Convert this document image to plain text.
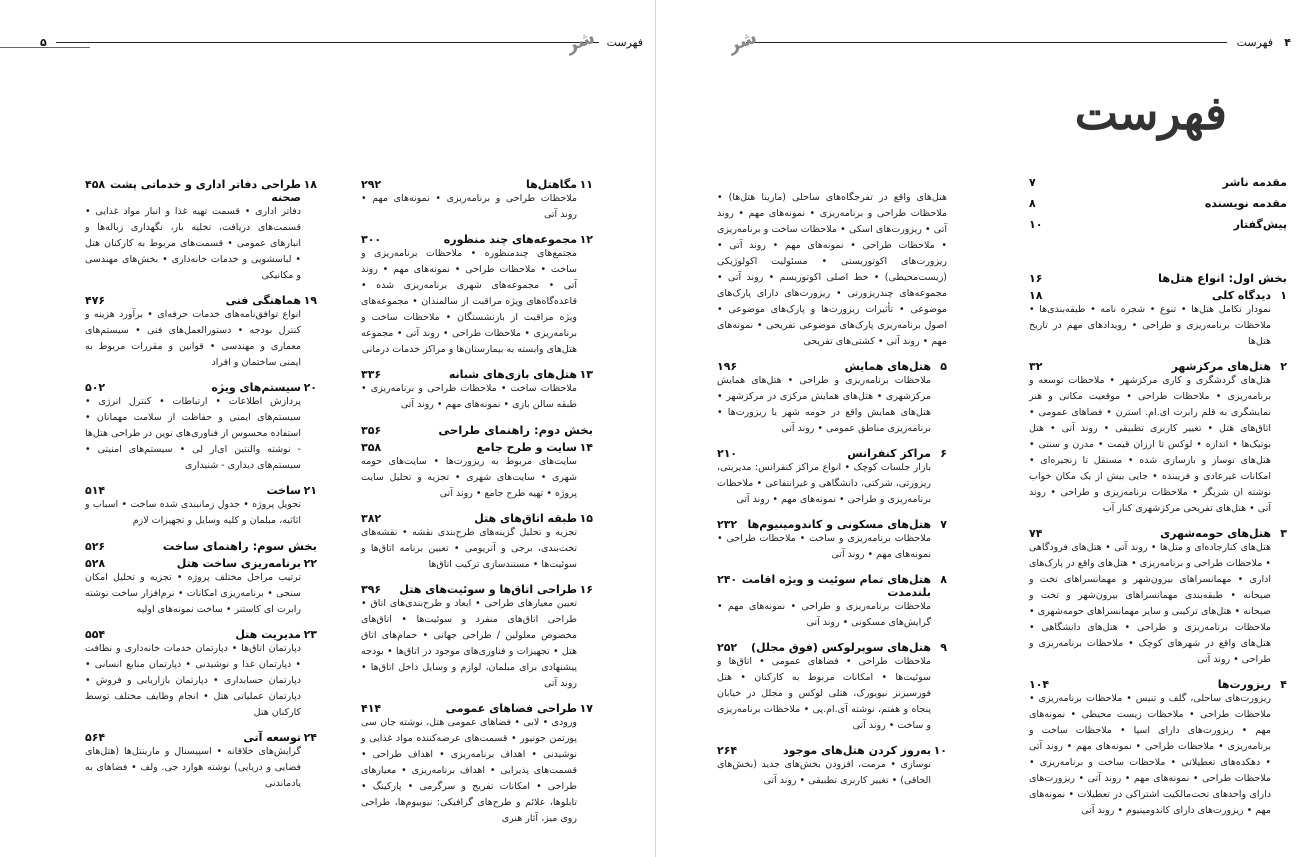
فهرست
۵	شر
۱۱
مگاهتل‌ها
۲۹۲
ملاحظات طراحی و برنامه‌ریزی • نمونه‌های مهم • روند آتی
۱۲
مجموعه‌های چند منظوره
۳۰۰
مجتمع‌های چندمنظوره • ملاحظات برنامه‌ریزی و ساخت • ملاحظات طراحی • نمونه‌های مهم • روند آتی • مجموعه‌های شهری برنامه‌ریزی شده • قاعده‌گاه‌های ویژه مراقبت از سالمندان • مجموعه‌های ویژه مراقبت از بازنشستگان • ملاحظات ساخت و برنامه‌ریزی • ملاحظات طراحی • روند آتی • مجموعه هتل‌های وابسته به بیمارستان‌ها و مراکز خدمات درمانی
۱۳
هتل‌های بازی‌های شبانه
۳۳۶
ملاحظات ساخت • ملاحظات طراحی و برنامه‌ریزی • طبقه سالن بازی • نمونه‌های مهم • روند آتی
بخش دوم: راهنمای طراحی
۳۵۶
۱۴
سایت و طرح جامع
۳۵۸
سایت‌های مربوط به ریزورت‌ها • سایت‌های حومه شهری • سایت‌های شهری • تجزیه و تحلیل سایت پروژه • تهیه طرح جامع • روند آتی
۱۵
طبقه اتاق‌های هتل
۳۸۲
تجزیه و تحلیل گزینه‌های طرح‌بندی نقشه • نقشه‌های تخت‌بندی، برجی و آتریومی • تعیین برنامه اتاق‌ها و سوئیت‌ها • مستندسازی ترکیب اتاق‌ها
۱۶
طراحی اتاق‌ها و سوئیت‌های هتل
۳۹۶
تعیین معیارهای طراحی • ابعاد و طرح‌بندی‌های اتاق • طراحی اتاق‌های منفرد و سوئیت‌ها • اتاق‌های مخصوص معلولین / طراحی جهانی • حمام‌های اتاق هتل • تجهیزات و فناوری‌های موجود در اتاق‌ها • بودجه پیشنهادی برای مبلمان، لوازم و وسایل داخل اتاق‌ها • روند آتی
۱۷
طراحی فضاهای عمومی
۴۱۴
ورودی • لابی • فضاهای عمومی هتل، نوشته جان سی پورتمن جونیور • قسمت‌های عرضه‌کننده مواد غذایی و نوشیدنی • اهداف برنامه‌ریزی • اهداف طراحی • قسمت‌های پذیرایی • اهداف برنامه‌ریزی • معیارهای طراحی • امکانات تفریح و سرگرمی • پارکینگ • تابلوها، علائم و طرح‌های گرافیکی: نیوبیوم‌ها، طراحی روی میز، آثار هنری
۱۸
طراحی دفاتر اداری و خدماتی پشت صحنه
۴۵۸
دفاتر اداری • قسمت تهیه غذا و انبار مواد غذایی • قسمت‌های دریافت، تخلیه بار، نگهداری زباله‌ها و انبارهای عمومی • قسمت‌های مربوط به کارکنان هتل • لباسشویی و خدمات خانه‌داری • بخش‌های مهندسی و مکانیکی
۱۹
هماهنگی فنی
۴۷۶
انواع توافق‌نامه‌های خدمات حرفه‌ای • برآورد هزینه و کنترل بودجه • دستورالعمل‌های فنی • سیستم‌های معماری و مهندسی • قوانین و مقررات مربوط به ایمنی ساختمان و افراد
۲۰
سیستم‌های ویژه
۵۰۲
پردازش اطلاعات • ارتباطات • کنترل انرژی • سیستم‌های ایمنی و حفاظت از سلامت مهمانان • استفاده محسوس از فناوری‌های نوین در طراحی هتل‌ها - نوشته والنتین ای‌ار لی • سیستم‌های امنیتی • سیستم‌های دیداری - شنیداری
۲۱
ساخت
۵۱۴
تحویل پروژه • جدول زمانبندی شده ساخت • اسباب و اثاثیه، مبلمان و کلیه وسایل و تجهیزات لازم
بخش سوم: راهنمای ساخت
۵۲۶
۲۲
برنامه‌ریزی ساخت هتل
۵۲۸
ترتیب مراحل مختلف پروژه • تجزیه و تحلیل امکان سنجی • برنامه‌ریزی امکانات • نرم‌افزار ساخت نوشته رابرت ای کاستنر • ساخت نمونه‌های اولیه
۲۳
مدیریت هتل
۵۵۴
دپارتمان اتاق‌ها • دپارتمان خدمات خانه‌داری و نظافت • دپارتمان غذا و نوشیدنی • دپارتمان منابع انسانی • دپارتمان حسابداری • دپارتمان بازاریابی و فروش • دپارتمان عملیاتی هتل • انجام وظایف مختلف توسط کارکنان هتل
۲۴
توسعه آتی
۵۶۴
گرایش‌های خلاقانه • اسپیسنال و مارینتل‌ها (هتل‌های فضایی و دریایی) نوشته هوارد جی. ولف • فضاهای به یادماندنی
فهرست ۴
شر
فهرست
مقدمه ناشر
۷
مقدمه نویسنده
۸
پیش‌گفتار
۱۰
بخش اول: انواع هتل‌ها
۱۶
۱
دیدگاه کلی
۱۸
نمودار تکامل هتل‌ها • تنوع • شجره نامه • طبقه‌بندی‌ها • ملاحظات برنامه‌ریزی و طراحی • رویدادهای مهم در تاریخ هتل‌ها
۲
هتل‌های مرکزشهر
۳۲
هتل‌های گردشگری و کاری مرکزشهر • ملاحظات توسعه و برنامه‌ریزی • ملاحظات طراحی • موقعیت مکانی و هنر نمایشگری به قلم رابرت ای.ام. استرن • فضاهای عمومی • اتاق‌های هتل • تغییر کاربری تطبیقی • روند آتی • هتل بوتیک‌ها • اندازه • لوکس تا ارزان قیمت • مدرن و سنتی • هتل‌های نوساز و بازسازی شده • مستقل تا زنجیره‌ای • امکانات غیرعادی و فریبنده • جایی بیش از یک مکان خواب نوشته ان شریگر • ملاحظات برنامه‌ریزی و طراحی • روند آتی • هتل‌های تفریحی مرکزشهری کنار آب
۳
هتل‌های حومه‌شهری
۷۴
هتل‌های کنارجاده‌ای و متل‌ها • روند آتی • هتل‌های فرودگاهی • ملاحظات طراحی و برنامه‌ریزی • هتل‌های واقع در پارک‌های اداری • مهمانسراهای بیرون‌شهر و مهمانسراهای تخت و صبحانه • طبقه‌بندی مهمانسراهای بیرون‌شهر و تخت و صبحانه • هتل‌های ترکیبی و سایر مهمانسراهای حومه‌شهری • ملاحظات برنامه‌ریزی و طراحی • هتل‌های دانشگاهی • هتل‌های واقع در شهرهای کوچک • ملاحظات برنامه‌ریزی و طراحی • روند آتی
۴
ریزورت‌ها
۱۰۴
ریزورت‌های ساحلی، گلف و تنیس • ملاحظات برنامه‌ریزی • ملاحظات طراحی • ملاحظات زیست محیطی • نمونه‌های مهم • ریزورت‌های دارای اسپا • ملاحظات ساخت و برنامه‌ریزی • ملاحظات طراحی • نمونه‌های مهم • روند آتی • دهکده‌های تعطیلاتی • ملاحظات ساخت و برنامه‌ریزی • ملاحظات طراحی • نمونه‌های مهم • روند آتی • ریزورت‌های دارای واحدهای تحت‌مالکیت اشتراکی در تعطیلات • نمونه‌های مهم • ریزورت‌های دارای کاندومینیوم • روند آتی
هتل‌های واقع در تفرجگاه‌های ساحلی (مارینا هتل‌ها) • ملاحظات طراحی و برنامه‌ریزی • نمونه‌های مهم • روند آتی • ریزورت‌های اسکی • ملاحظات ساخت و برنامه‌ریزی • ملاحظات طراحی • نمونه‌های مهم • روند آتی • ریزورت‌های اکوتوریستی • مسئولیت اکولوژیکی (زیست‌محیطی) • خط اصلی اکوتوریسم • روند آتی • مجموعه‌های چندریزورتی • ریزورت‌های دارای پارک‌های موضوعی • تأثیرات ریزورت‌ها و پارک‌های موضوعی • اصول برنامه‌ریزی پارک‌های موضوعی تفریحی • نمونه‌های مهم • روند آتی • کشتی‌های تفریحی
۵
هتل‌های همایش
۱۹۶
ملاحظات برنامه‌ریزی و طراحی • هتل‌های همایش مرکزشهری • هتل‌های همایش مرکزی در مرکزشهر • هتل‌های همایش واقع در حومه شهر یا ریزورت‌ها • برنامه‌ریزی مناطق عمومی • روند آتی
۶
مراکز کنفرانس
۲۱۰
بازار جلسات کوچک • انواع مراکز کنفرانس: مدیریتی، ریزورتی، شرکتی، دانشگاهی و غیرانتفاعی • ملاحظات برنامه‌ریزی و طراحی • نمونه‌های مهم • روند آتی
۷
هتل‌های مسکونی و کاندومینیوم‌ها
۲۳۲
ملاحظات برنامه‌ریزی و ساخت • ملاحظات طراحی • نمونه‌های مهم • روند آتی
۸
هتل‌های تمام سوئیت و ویژه اقامت بلندمدت
۲۴۰
ملاحظات برنامه‌ریزی و طراحی • نمونه‌های مهم • گرایش‌های مسکونی • روند آتی
۹
هتل‌های سوپرلوکس (فوق مجلل)
۲۵۲
ملاحظات طراحی • فضاهای عمومی • اتاق‌ها و سوئیت‌ها • امکانات مربوط به کارکنان • هتل فورسیزنز نیویورک، هتلی لوکس و مجلل در خیابان پنجاه و هفتم، نوشته آی.ام.پی • ملاحظات برنامه‌ریزی و ساخت • روند آتی
۱۰
به‌روز کردن هتل‌های موجود
۲۶۴
نوسازی • مرمت، افزودن بخش‌های جدید (بخش‌های الحاقی) • تغییر کاربری تطبیقی • روند آتی
